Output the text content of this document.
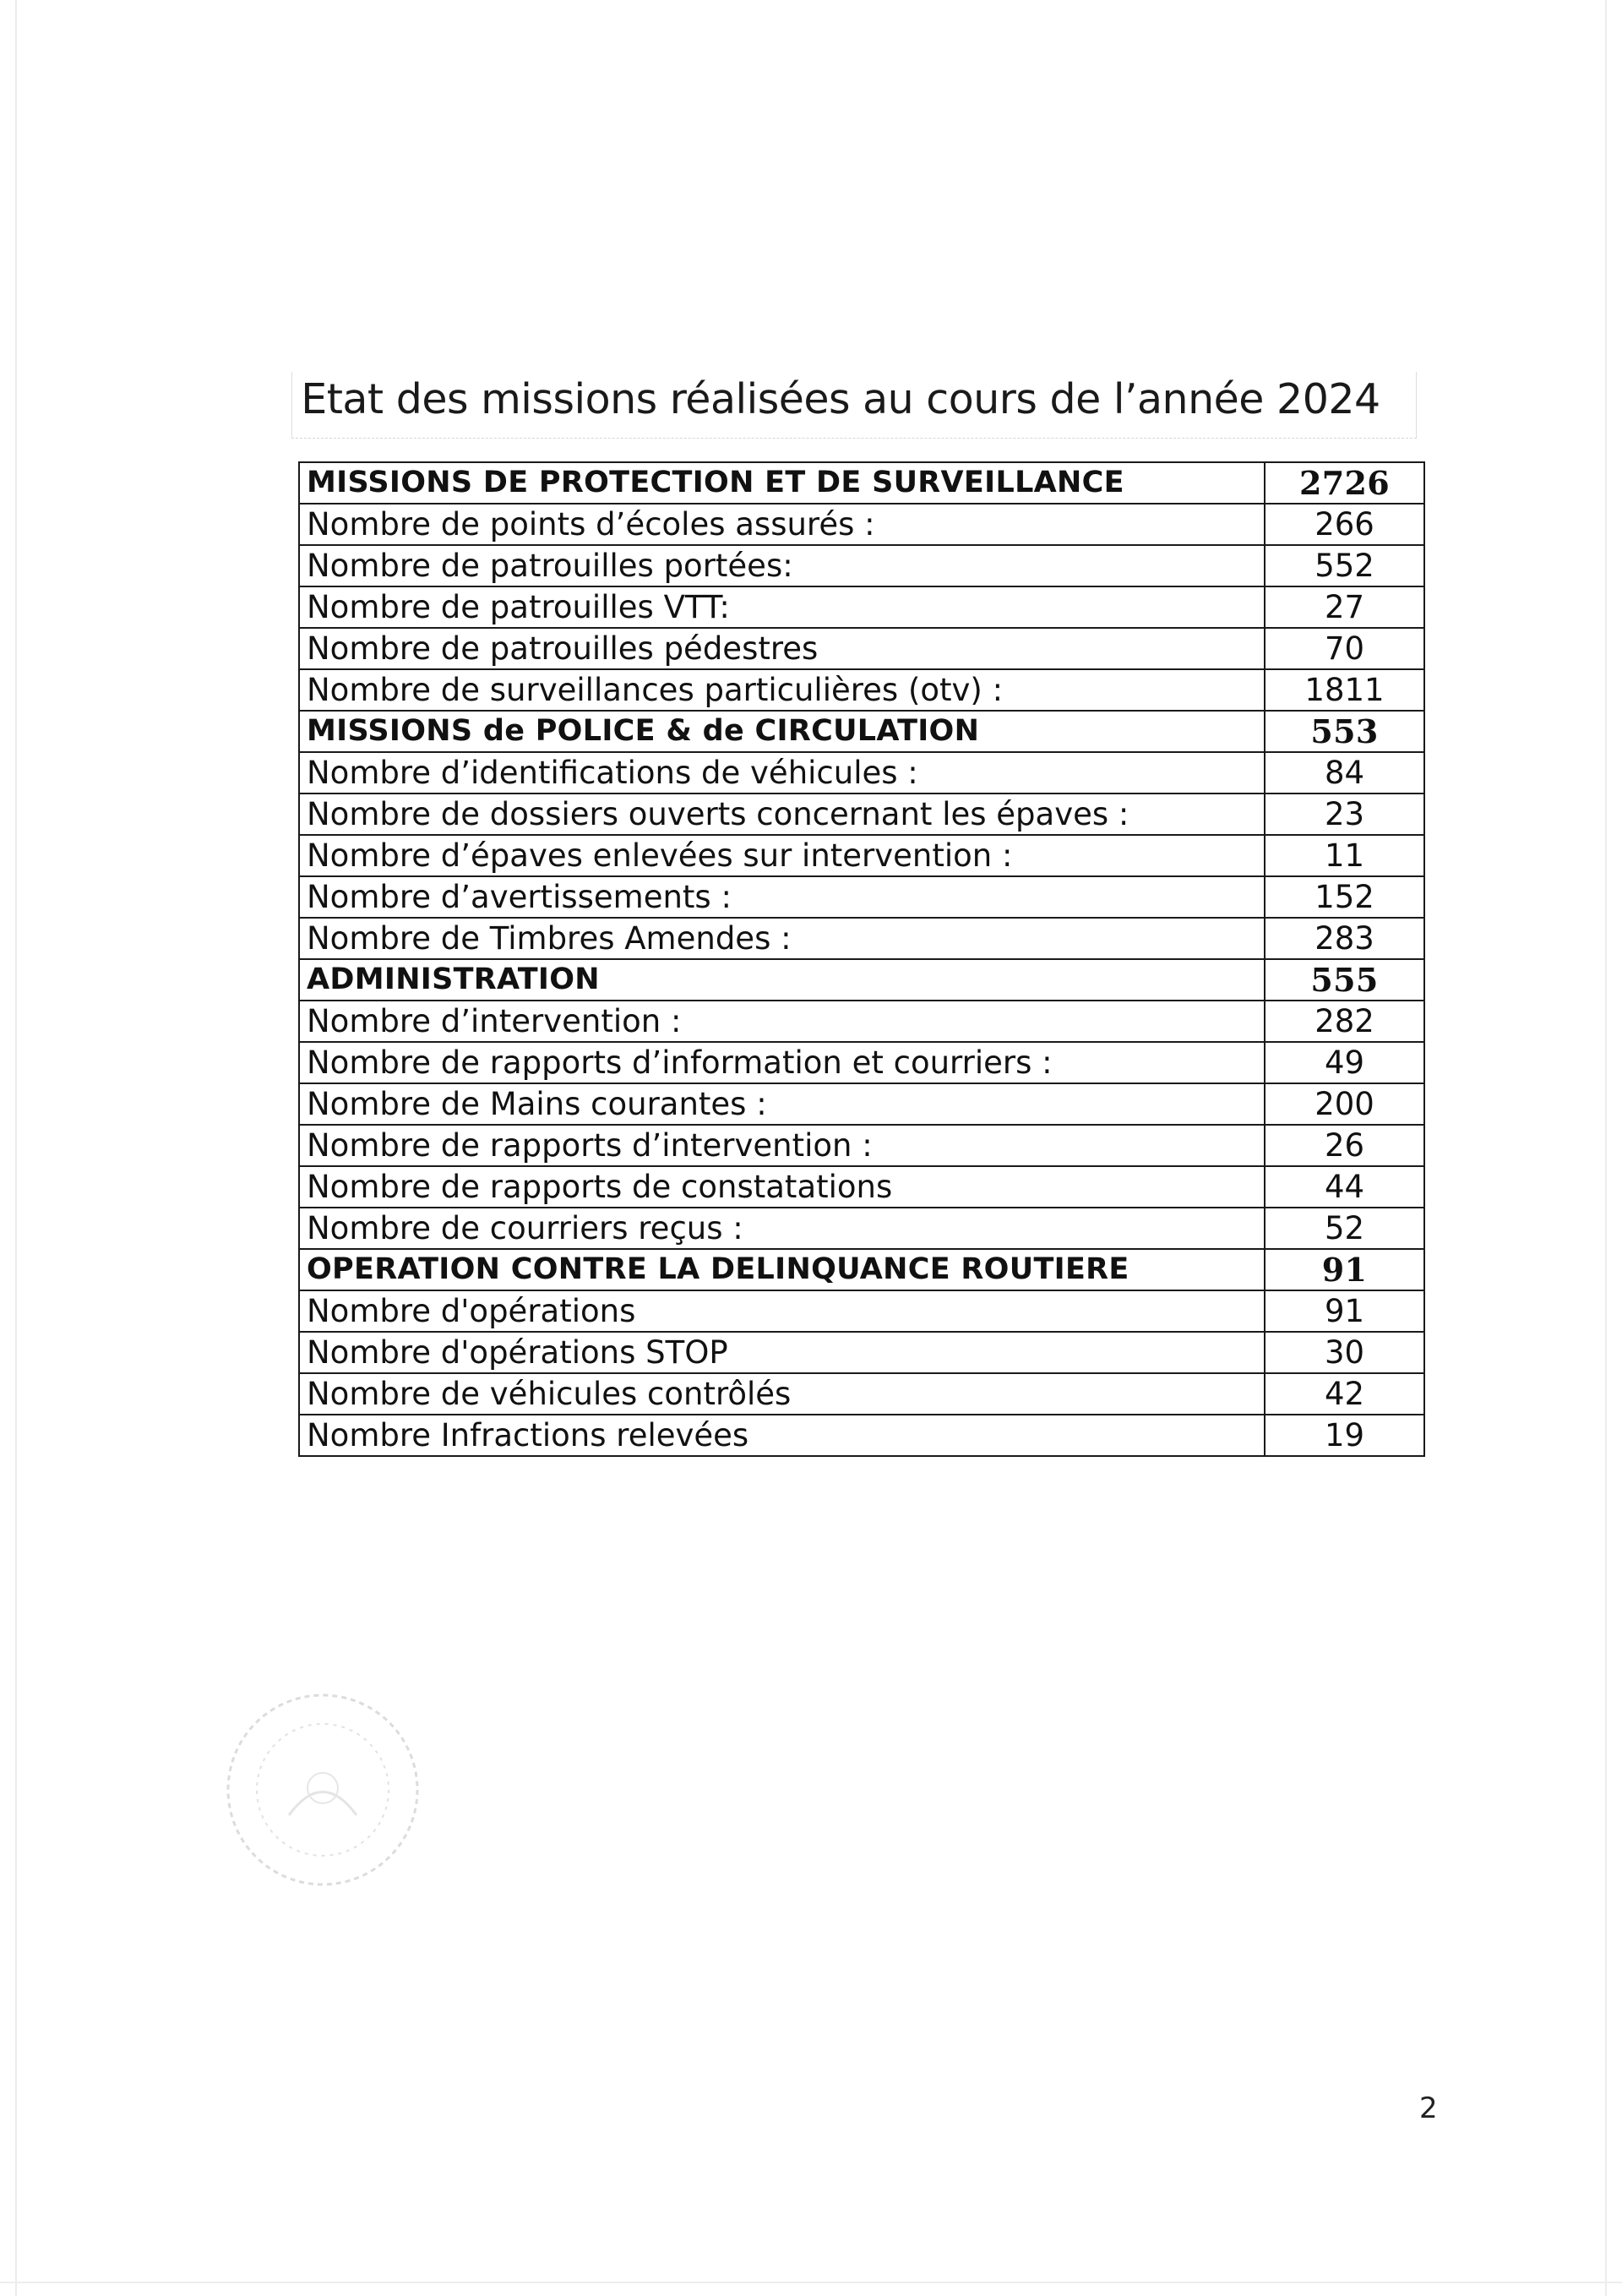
Etat des missions réalisées au cours de l’année 2024
MISSIONS DE PROTECTION ET DE SURVEILLANCE	2726
Nombre de points d’écoles assurés :	266
Nombre de patrouilles portées:	552
Nombre de patrouilles VTT:	27
Nombre de patrouilles pédestres	70
Nombre de surveillances particulières (otv) :	1811
MISSIONS de POLICE & de CIRCULATION	553
Nombre d’identifications de véhicules :	84
Nombre de dossiers ouverts concernant les épaves :	23
Nombre d’épaves enlevées sur intervention :	11
Nombre d’avertissements :	152
Nombre de Timbres Amendes :	283
ADMINISTRATION	555
Nombre d’intervention :	282
Nombre de rapports d’information et courriers :	49
Nombre de Mains courantes :	200
Nombre de rapports d’intervention :	26
Nombre de rapports de constatations	44
Nombre de courriers reçus :	52
OPERATION CONTRE LA DELINQUANCE ROUTIERE	91
Nombre d'opérations	91
Nombre d'opérations STOP	30
Nombre de véhicules contrôlés	42
Nombre Infractions relevées	19
2
